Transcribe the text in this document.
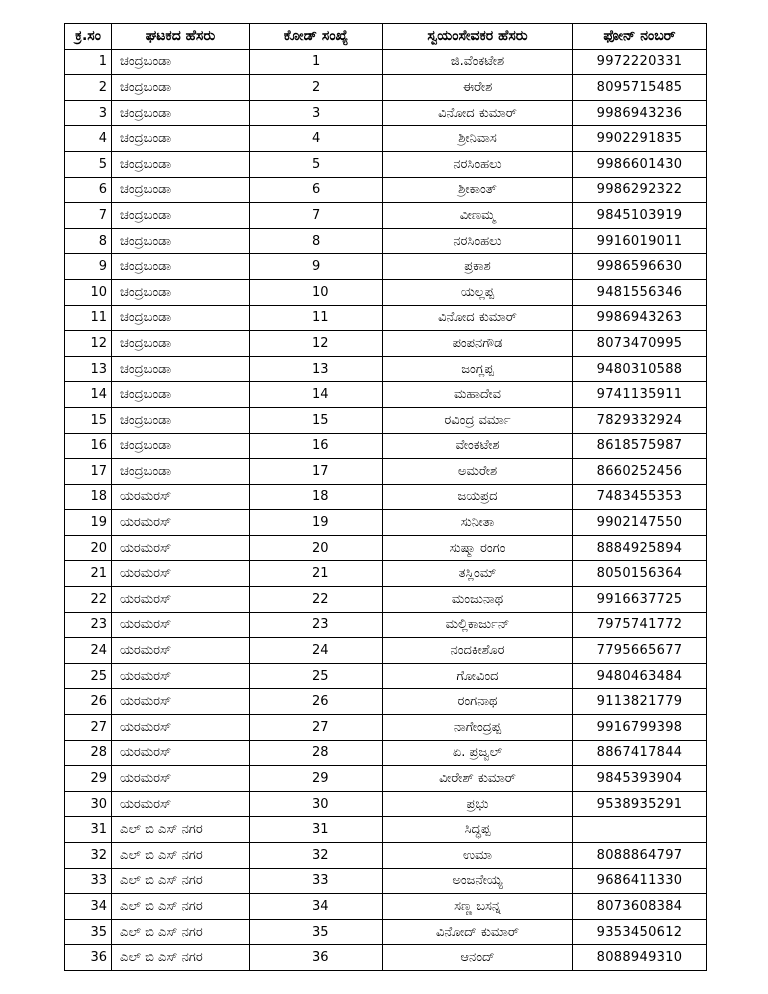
ಕ್ರ.ಸಂ	ಘಟಕದ ಹೆಸರು	ಕೋಡ್ ಸಂಖ್ಯೆ	ಸ್ವಯಂಸೇವಕರ ಹೆಸರು	ಫೋನ್ ನಂಬರ್
1	ಚಂದ್ರಬಂಡಾ	1	ಜಿ.ವೆಂಕಟೇಶ	9972220331
2	ಚಂದ್ರಬಂಡಾ	2	ಈರೇಶ	8095715485
3	ಚಂದ್ರಬಂಡಾ	3	ವಿನೋದ ಕುಮಾರ್	9986943236
4	ಚಂದ್ರಬಂಡಾ	4	ಶ್ರೀನಿವಾಸ	9902291835
5	ಚಂದ್ರಬಂಡಾ	5	ನರಸಿಂಹಲು	9986601430
6	ಚಂದ್ರಬಂಡಾ	6	ಶ್ರೀಕಾಂತ್	9986292322
7	ಚಂದ್ರಬಂಡಾ	7	ವೀಣಮ್ಮ	9845103919
8	ಚಂದ್ರಬಂಡಾ	8	ನರಸಿಂಹಲು	9916019011
9	ಚಂದ್ರಬಂಡಾ	9	ಪ್ರಕಾಶ	9986596630
10	ಚಂದ್ರಬಂಡಾ	10	ಯಲ್ಲಪ್ಪ	9481556346
11	ಚಂದ್ರಬಂಡಾ	11	ವಿನೋದ ಕುಮಾರ್	9986943263
12	ಚಂದ್ರಬಂಡಾ	12	ಪಂಪನಗೌಡ	8073470995
13	ಚಂದ್ರಬಂಡಾ	13	ಜಂಗ್ಲಪ್ಪ	9480310588
14	ಚಂದ್ರಬಂಡಾ	14	ಮಹಾದೇವ	9741135911
15	ಚಂದ್ರಬಂಡಾ	15	ರವಿಂದ್ರ ವರ್ಮಾ	7829332924
16	ಚಂದ್ರಬಂಡಾ	16	ವೇಂಕಟೇಶ	8618575987
17	ಚಂದ್ರಬಂಡಾ	17	ಅಮರೇಶ	8660252456
18	ಯರಮರಸ್	18	ಜಯಪ್ರದ	7483455353
19	ಯರಮರಸ್	19	ಸುನೀತಾ	9902147550
20	ಯರಮರಸ್	20	ಸುಷ್ಮಾ ರಂಗಂ	8884925894
21	ಯರಮರಸ್	21	ತಸ್ಲಿಂಮ್	8050156364
22	ಯರಮರಸ್	22	ಮಂಜುನಾಥ	9916637725
23	ಯರಮರಸ್	23	ಮಲ್ಲಿಕಾರ್ಜುನ್	7975741772
24	ಯರಮರಸ್	24	ನಂದಕೀಶೊರ	7795665677
25	ಯರಮರಸ್	25	ಗೋವಿಂದ	9480463484
26	ಯರಮರಸ್	26	ರಂಗನಾಥ	9113821779
27	ಯರಮರಸ್	27	ನಾಗೇಂದ್ರಪ್ಪ	9916799398
28	ಯರಮರಸ್	28	ಏ. ಪ್ರಜ್ವಲ್	8867417844
29	ಯರಮರಸ್	29	ವೀರೇಶ್ ಕುಮಾರ್	9845393904
30	ಯರಮರಸ್	30	ಪ್ರಭು	9538935291
31	ಎಲ್ ಬಿ ಎಸ್ ನಗರ	31	ಸಿದ್ಧಪ್ಪ	
32	ಎಲ್ ಬಿ ಎಸ್ ನಗರ	32	ಉಮಾ	8088864797
33	ಎಲ್ ಬಿ ಎಸ್ ನಗರ	33	ಅಂಜನೇಯ್ಯ	9686411330
34	ಎಲ್ ಬಿ ಎಸ್ ನಗರ	34	ಸಣ್ಣ ಬಸನ್ನ	8073608384
35	ಎಲ್ ಬಿ ಎಸ್ ನಗರ	35	ವಿನೋದ್ ಕುಮಾರ್	9353450612
36	ಎಲ್ ಬಿ ಎಸ್ ನಗರ	36	ಆನಂದ್	8088949310
